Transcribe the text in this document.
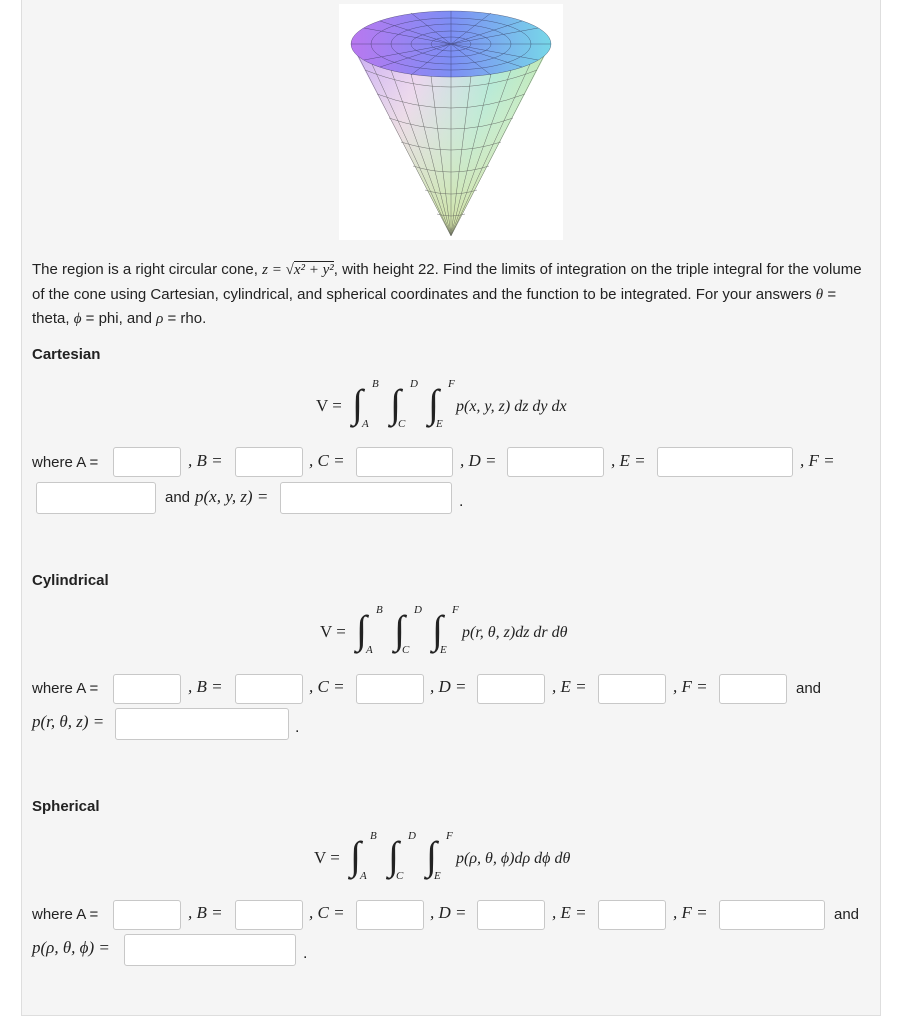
The region is a right circular cone, z = √x² + y², with height 22. Find the limits of integration on the triple integral for the volume of the cone using Cartesian, cylindrical, and spherical coordinates and the function to be integrated. For your answers θ = theta, ϕ = phi, and ρ = rho.
Cartesian
V = ∫ B
A ∫ D
C ∫ F
E
p(x, y, z) dz dy dx
where A =	, B =	, C =	, D =	, E =	, F =
and p(x, y, z) =	.
Cylindrical
V = ∫ B
A ∫ D
C ∫ F
E
p(r, θ, z)dz dr dθ
where A =	, B =	, C =	, D =	, E =	, F =	and
p(r, θ, z) =	.
Spherical
V = ∫ B
A ∫ D
C ∫ F
E
p(ρ, θ, ϕ)dρ dϕ dθ
where A =	, B =	, C =	, D =	, E =	, F =	and
p(ρ, θ, ϕ) =	.
